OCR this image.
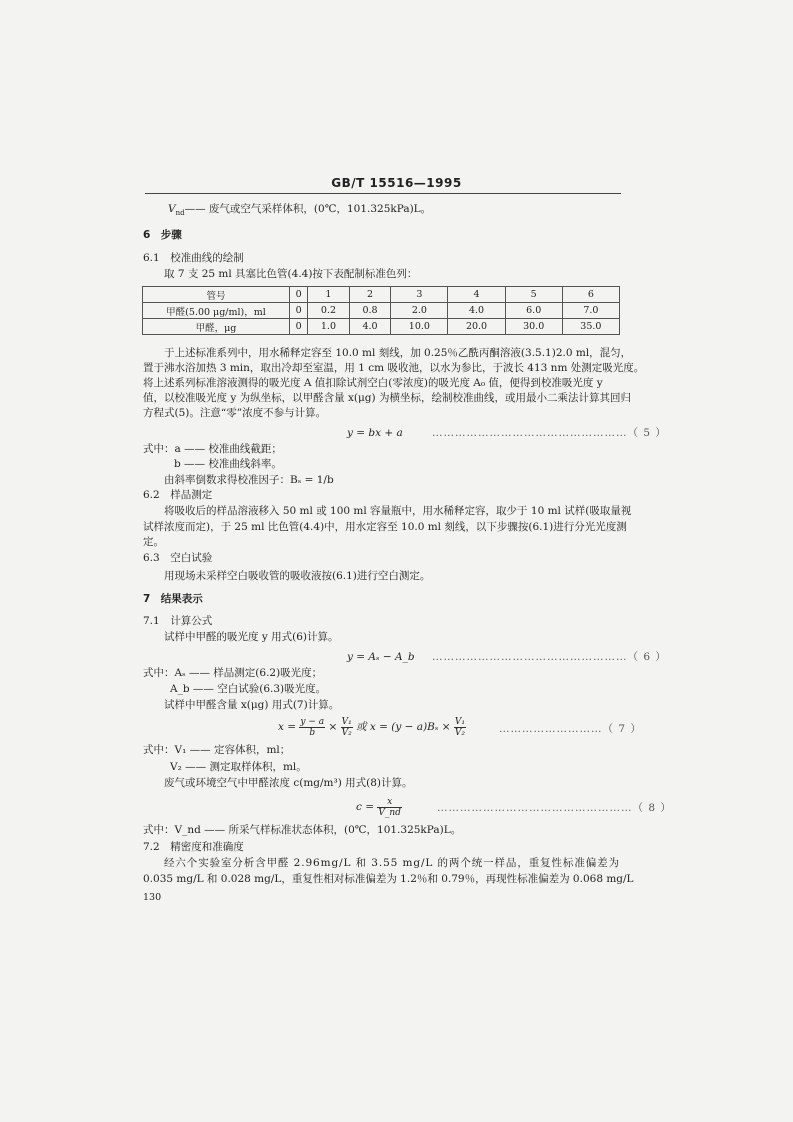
GB/T 15516—1995
$V_{nd}——$ 废气或空气采样体积，(0℃，101.325kPa)L。
6　步骤
6.1　校准曲线的绘制
取 7 支 25 ml 具塞比色管(4.4)按下表配制标准色列：
管号	0	1	2	3	4	5	6
甲醛(5.00 μg/ml)，ml	0	0.2	0.8	2.0	4.0	6.0	7.0
甲醛，μg	0	1.0	4.0	10.0	20.0	30.0	35.0
于上述标准系列中，用水稀释定容至 10.0 ml 刻线，加 0.25％乙酰丙酮溶液(3.5.1)2.0 ml，混匀，
置于沸水浴加热 3 min，取出冷却至室温，用 1 cm 吸收池，以水为参比，于波长 413 nm 处测定吸光度。
将上述系列标准溶液测得的吸光度 A 值扣除试剂空白(零浓度)的吸光度 A₀ 值，便得到校准吸光度 y
值，以校准吸光度 y 为纵坐标，以甲醛含量 x(μg) 为横坐标，绘制校准曲线，或用最小二乘法计算其回归
方程式(5)。注意“零”浓度不参与计算。
y = bx + a	……………………………………………（ 5 ）
式中：a —— 校准曲线截距；
b —— 校准曲线斜率。
由斜率倒数求得校准因子：Bₛ = 1/b
6.2　样品测定
将吸收后的样品溶液移入 50 ml 或 100 ml 容量瓶中，用水稀释定容，取少于 10 ml 试样(吸取量视
试样浓度而定)，于 25 ml 比色管(4.4)中，用水定容至 10.0 ml 刻线，以下步骤按(6.1)进行分光光度测
定。
6.3　空白试验
用现场未采样空白吸收管的吸收液按(6.1)进行空白测定。
7　结果表示
7.1　计算公式
试样中甲醛的吸光度 y 用式(6)计算。
y = Aₛ − A_b ……………………………………………（ 6 ）
式中：Aₛ —— 样品测定(6.2)吸光度；
A_b —— 空白试验(6.3)吸光度。
试样中甲醛含量 x(μg) 用式(7)计算。
$x = \frac{y - a}{b} \times \frac{\text{V₁}}{\text{V₂}}$ 或 $x = (y - a)B_s \times \frac{\text{V₁}}{\text{V₂}}$	………………………（ 7 ）
式中：V₁ —— 定容体积，ml；
V₂ —— 测定取样体积，ml。
废气或环境空气中甲醛浓度 c(mg/m³) 用式(8)计算。
$c = \frac{x}{V\_nd}$	……………………………………………（ 8 ）
式中：V_nd —— 所采气样标准状态体积，(0℃，101.325kPa)L。
7.2　精密度和准确度
经六个实验室分析含甲醛 2.96mg/L 和 3.55 mg/L 的两个统一样品，重复性标准偏差为
0.035 mg/L 和 0.028 mg/L，重复性相对标准偏差为 1.2％和 0.79％，再现性标准偏差为 0.068 mg/L
130
